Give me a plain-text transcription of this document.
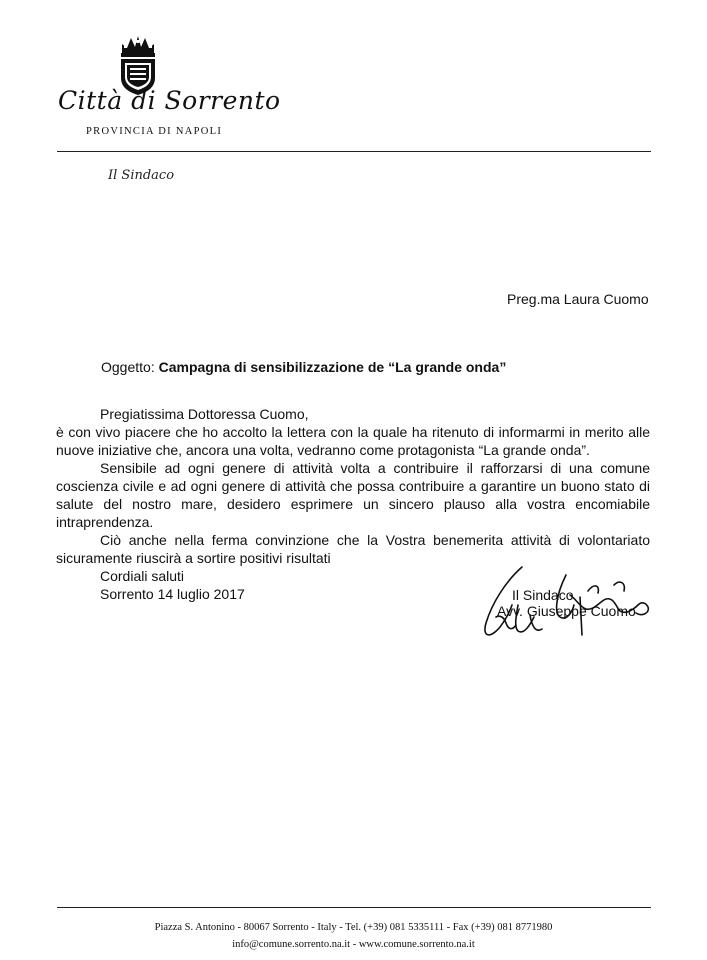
Città di Sorrento
PROVINCIA DI NAPOLI
Il Sindaco
Preg.ma Laura Cuomo
Oggetto: Campagna di sensibilizzazione de “La grande onda”
Pregiatissima Dottoressa Cuomo,

è con vivo piacere che ho accolto la lettera con la quale ha ritenuto di informarmi in merito alle nuove iniziative che, ancora una volta, vedranno come protagonista “La grande onda”.

Sensibile ad ogni genere di attività volta a contribuire il rafforzarsi di una comune coscienza civile e ad ogni genere di attività che possa contribuire a garantire un buono stato di salute del nostro mare, desidero esprimere un sincero plauso alla vostra encomiabile intraprendenza.

Ciò anche nella ferma convinzione che la Vostra benemerita attività di volontariato sicuramente riuscirà a sortire positivi risultati

Cordiali saluti
Sorrento 14 luglio 2017	Il Sindaco
Avv. Giuseppe Cuomo
Piazza S. Antonino - 80067 Sorrento - Italy - Tel. (+39) 081 5335111 - Fax (+39) 081 8771980
info@comune.sorrento.na.it - www.comune.sorrento.na.it
